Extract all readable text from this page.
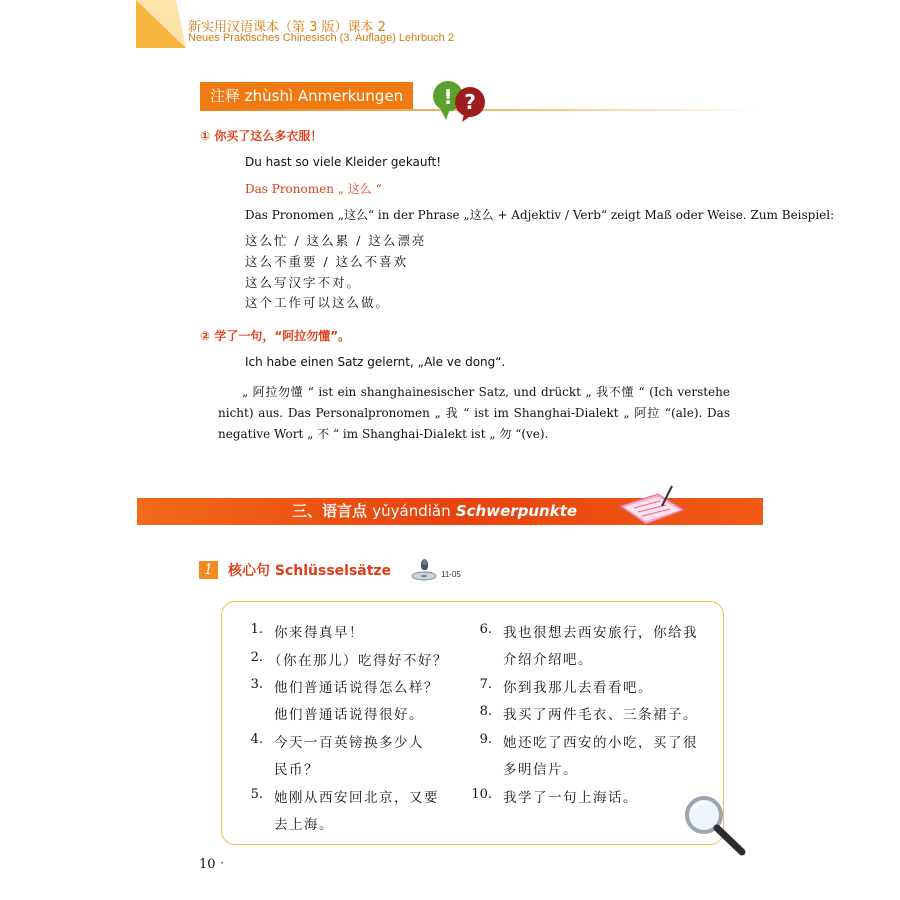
新实用汉语课本（第 3 版）课本 2
Neues Praktisches Chinesisch (3. Auflage) Lehrbuch 2
注释 zhùshì Anmerkungen	! ?
① 你买了这么多衣服！
Du hast so viele Kleider gekauft!
Das Pronomen „ 这么 “
Das Pronomen „这么“ in der Phrase „这么 + Adjektiv / Verb“ zeigt Maß oder Weise. Zum Beispiel:
这么忙 / 这么累 / 这么漂亮
这么不重要 / 这么不喜欢
这么写汉字不对。
这个工作可以这么做。
② 学了一句，“阿拉勿懂”。
Ich habe einen Satz gelernt, „Ale ve dong“.
„ 阿拉勿懂 “ ist ein shanghainesischer Satz, und drückt „ 我不懂 “ (Ich verstehe nicht) aus. Das Personalpronomen „ 我 “ ist im Shanghai-Dialekt „ 阿拉 “(ale). Das negative Wort „ 不 “ im Shanghai-Dialekt ist „ 勿 “(ve).
三、语言点 yǔyándiǎn Schwerpunkte
1	核心句 Schlüsselsätze	11-05
1. 你来得真早！
2. （你在那儿）吃得好不好？
3. 他们普通话说得怎么样？
他们普通话说得很好。
4. 今天一百英镑换多少人
民币？
5. 她刚从西安回北京，又要
去上海。
6. 我也很想去西安旅行，你给我
介绍介绍吧。
7. 你到我那儿去看看吧。
8. 我买了两件毛衣、三条裙子。
9. 她还吃了西安的小吃，买了很
多明信片。
10. 我学了一句上海话。
10 ·
